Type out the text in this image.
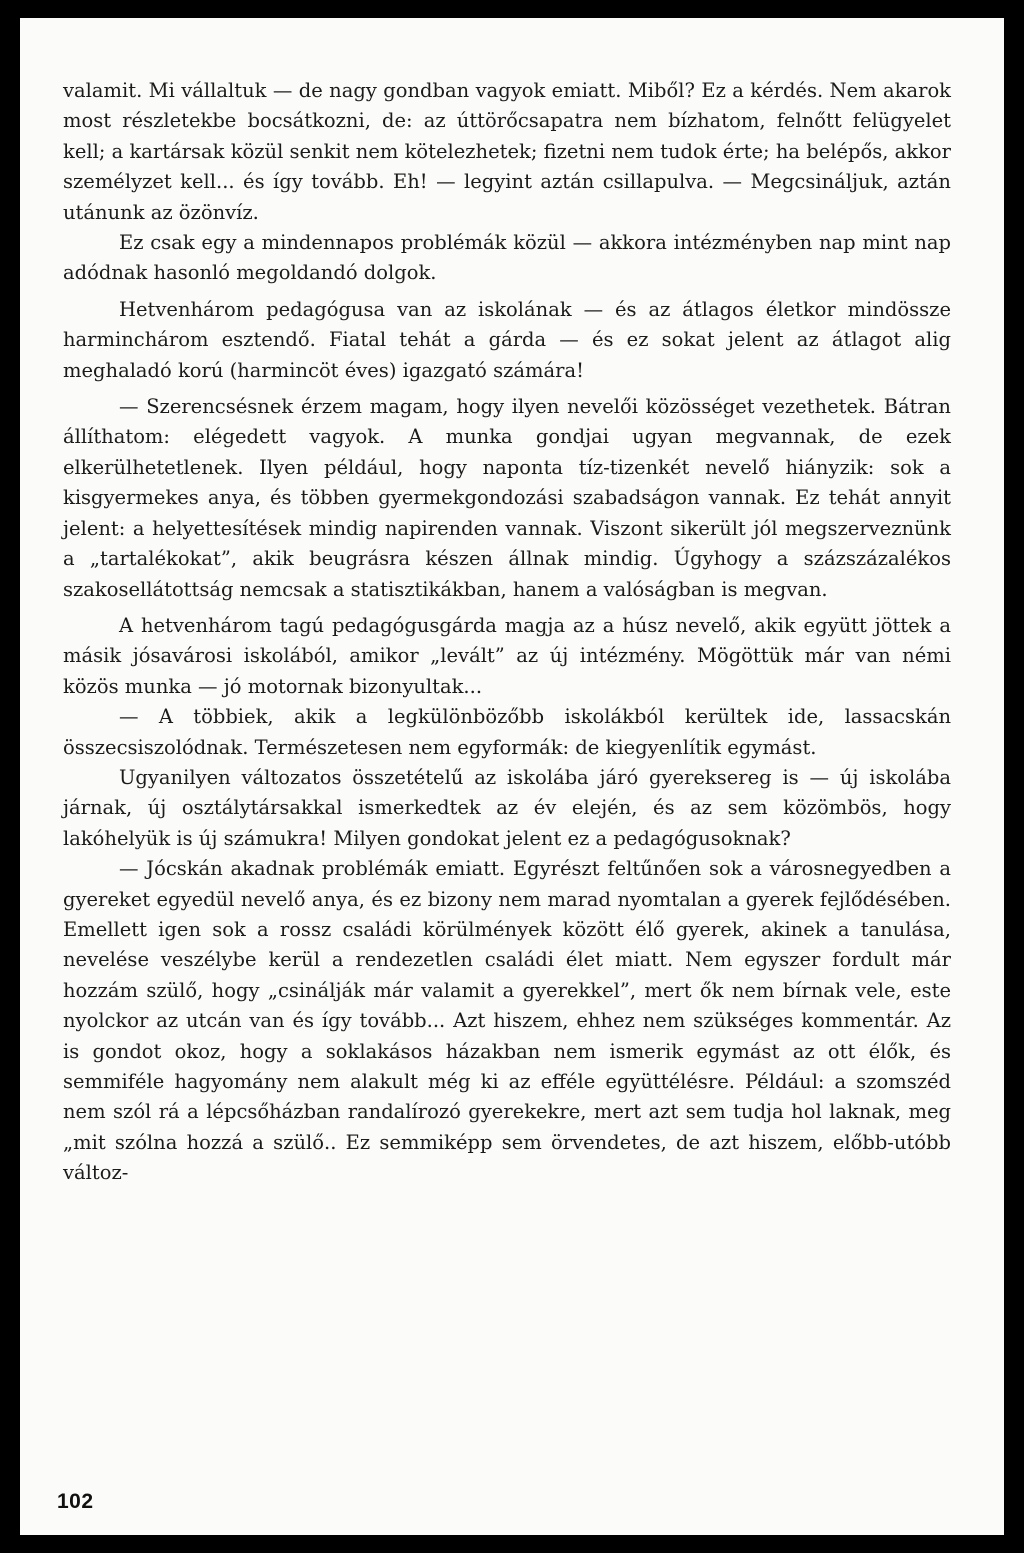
valamit. Mi vállaltuk — de nagy gondban vagyok emiatt. Miből? Ez a kérdés. Nem akarok most részletekbe bocsátkozni, de: az úttörőcsapatra nem bízhatom, felnőtt felügyelet kell; a kartársak közül senkit nem kötelezhetek; fizetni nem tudok érte; ha belépős, akkor személyzet kell... és így tovább. Eh! — legyint aztán csillapulva. — Megcsináljuk, aztán utánunk az özönvíz.

Ez csak egy a mindennapos problémák közül — akkora intézményben nap mint nap adódnak hasonló megoldandó dolgok.

Hetvenhárom pedagógusa van az iskolának — és az átlagos életkor mindössze harminchárom esztendő. Fiatal tehát a gárda — és ez sokat jelent az átlagot alig meghaladó korú (harmincöt éves) igazgató számára!

— Szerencsésnek érzem magam, hogy ilyen nevelői közösséget vezethetek. Bátran állíthatom: elégedett vagyok. A munka gondjai ugyan megvannak, de ezek elkerülhetetlenek. Ilyen például, hogy naponta tíz-tizenkét nevelő hiányzik: sok a kisgyermekes anya, és többen gyermekgondozási szabadságon vannak. Ez tehát annyit jelent: a helyettesítések mindig napirenden vannak. Viszont sikerült jól megszerveznünk a „tartalékokat”, akik beugrásra készen állnak mindig. Úgyhogy a százszázalékos szakosellátottság nemcsak a statisztikákban, hanem a valóságban is megvan.

A hetvenhárom tagú pedagógusgárda magja az a húsz nevelő, akik együtt jöttek a másik jósavárosi iskolából, amikor „levált” az új intézmény. Mögöttük már van némi közös munka — jó motornak bizonyultak...

— A többiek, akik a legkülönbözőbb iskolákból kerültek ide, lassacskán összecsiszolódnak. Természetesen nem egyformák: de kiegyenlítik egymást.

Ugyanilyen változatos összetételű az iskolába járó gyereksereg is — új iskolába járnak, új osztálytársakkal ismerkedtek az év elején, és az sem közömbös, hogy lakóhelyük is új számukra! Milyen gondokat jelent ez a pedagógusoknak?

— Jócskán akadnak problémák emiatt. Egyrészt feltűnően sok a városnegyedben a gyereket egyedül nevelő anya, és ez bizony nem marad nyomtalan a gyerek fejlődésében. Emellett igen sok a rossz családi körülmények között élő gyerek, akinek a tanulása, nevelése veszélybe kerül a rendezetlen családi élet miatt. Nem egyszer fordult már hozzám szülő, hogy „csinálják már valamit a gyerekkel”, mert ők nem bírnak vele, este nyolckor az utcán van és így tovább... Azt hiszem, ehhez nem szükséges kommentár. Az is gondot okoz, hogy a soklakásos házakban nem ismerik egymást az ott élők, és semmiféle hagyomány nem alakult még ki az efféle együttélésre. Például: a szomszéd nem szól rá a lépcsőházban randalírozó gyerekekre, mert azt sem tudja hol laknak, meg „mit szólna hozzá a szülő.. Ez semmiképp sem örvendetes, de azt hiszem, előbb-utóbb változ-

102
